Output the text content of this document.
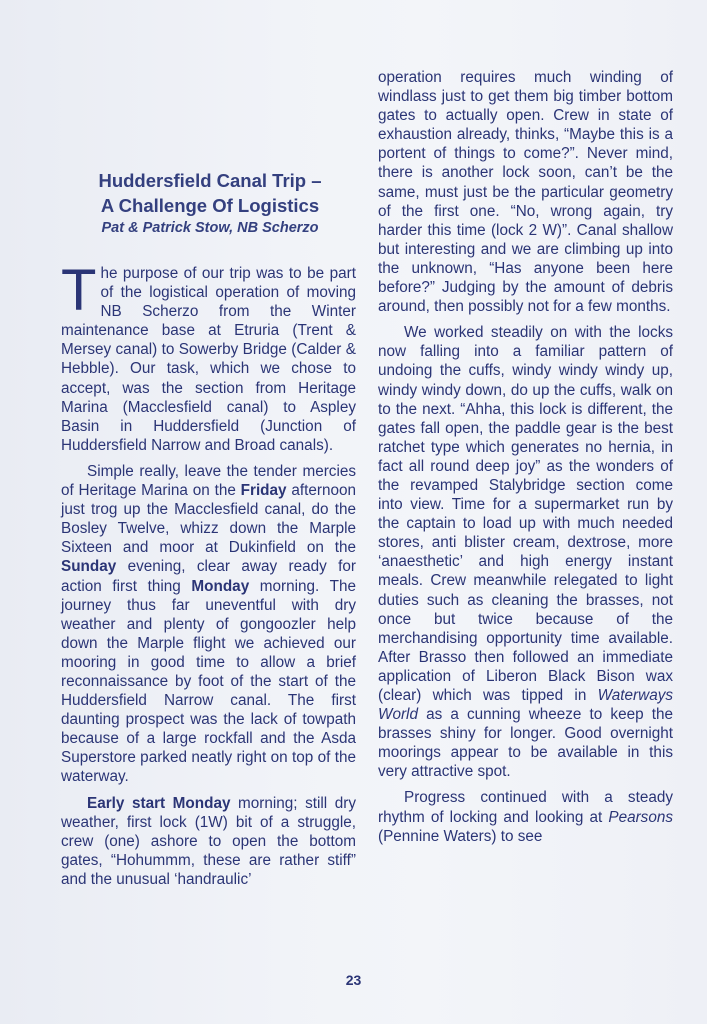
Huddersfield Canal Trip –
A Challenge Of Logistics
Pat & Patrick Stow, NB Scherzo

The purpose of our trip was to be part of the logistical operation of moving NB Scherzo from the Winter maintenance base at Etruria (Trent & Mersey canal) to Sowerby Bridge (Calder & Hebble). Our task, which we chose to accept, was the section from Heritage Marina (Macclesfield canal) to Aspley Basin in Huddersfield (Junction of Huddersfield Narrow and Broad canals).

Simple really, leave the tender mercies of Heritage Marina on the Friday afternoon just trog up the Macclesfield canal, do the Bosley Twelve, whizz down the Marple Sixteen and moor at Dukinfield on the Sunday evening, clear away ready for action first thing Monday morning. The journey thus far uneventful with dry weather and plenty of gongoozler help down the Marple flight we achieved our mooring in good time to allow a brief reconnaissance by foot of the start of the Huddersfield Narrow canal. The first daunting prospect was the lack of towpath because of a large rockfall and the Asda Superstore parked neatly right on top of the waterway.

Early start Monday morning; still dry weather, first lock (1W) bit of a struggle, crew (one) ashore to open the bottom gates, “Hohummm, these are rather stiff” and the unusual ‘handraulic’

operation requires much winding of windlass just to get them big timber bottom gates to actually open. Crew in state of exhaustion already, thinks, “Maybe this is a portent of things to come?”. Never mind, there is another lock soon, can’t be the same, must just be the particular geometry of the first one. “No, wrong again, try harder this time (lock 2 W)”. Canal shallow but interesting and we are climbing up into the unknown, “Has anyone been here before?” Judging by the amount of debris around, then possibly not for a few months.

We worked steadily on with the locks now falling into a familiar pattern of undoing the cuffs, windy windy windy up, windy windy down, do up the cuffs, walk on to the next. “Ahha, this lock is different, the gates fall open, the paddle gear is the best ratchet type which generates no hernia, in fact all round deep joy” as the wonders of the revamped Stalybridge section come into view. Time for a supermarket run by the captain to load up with much needed stores, anti blister cream, dextrose, more ‘anaesthetic’ and high energy instant meals. Crew meanwhile relegated to light duties such as cleaning the brasses, not once but twice because of the merchandising opportunity time available. After Brasso then followed an immediate application of Liberon Black Bison wax (clear) which was tipped in Waterways World as a cunning wheeze to keep the brasses shiny for longer. Good overnight moorings appear to be available in this very attractive spot.

Progress continued with a steady rhythm of locking and looking at Pearsons (Pennine Waters) to see

23
